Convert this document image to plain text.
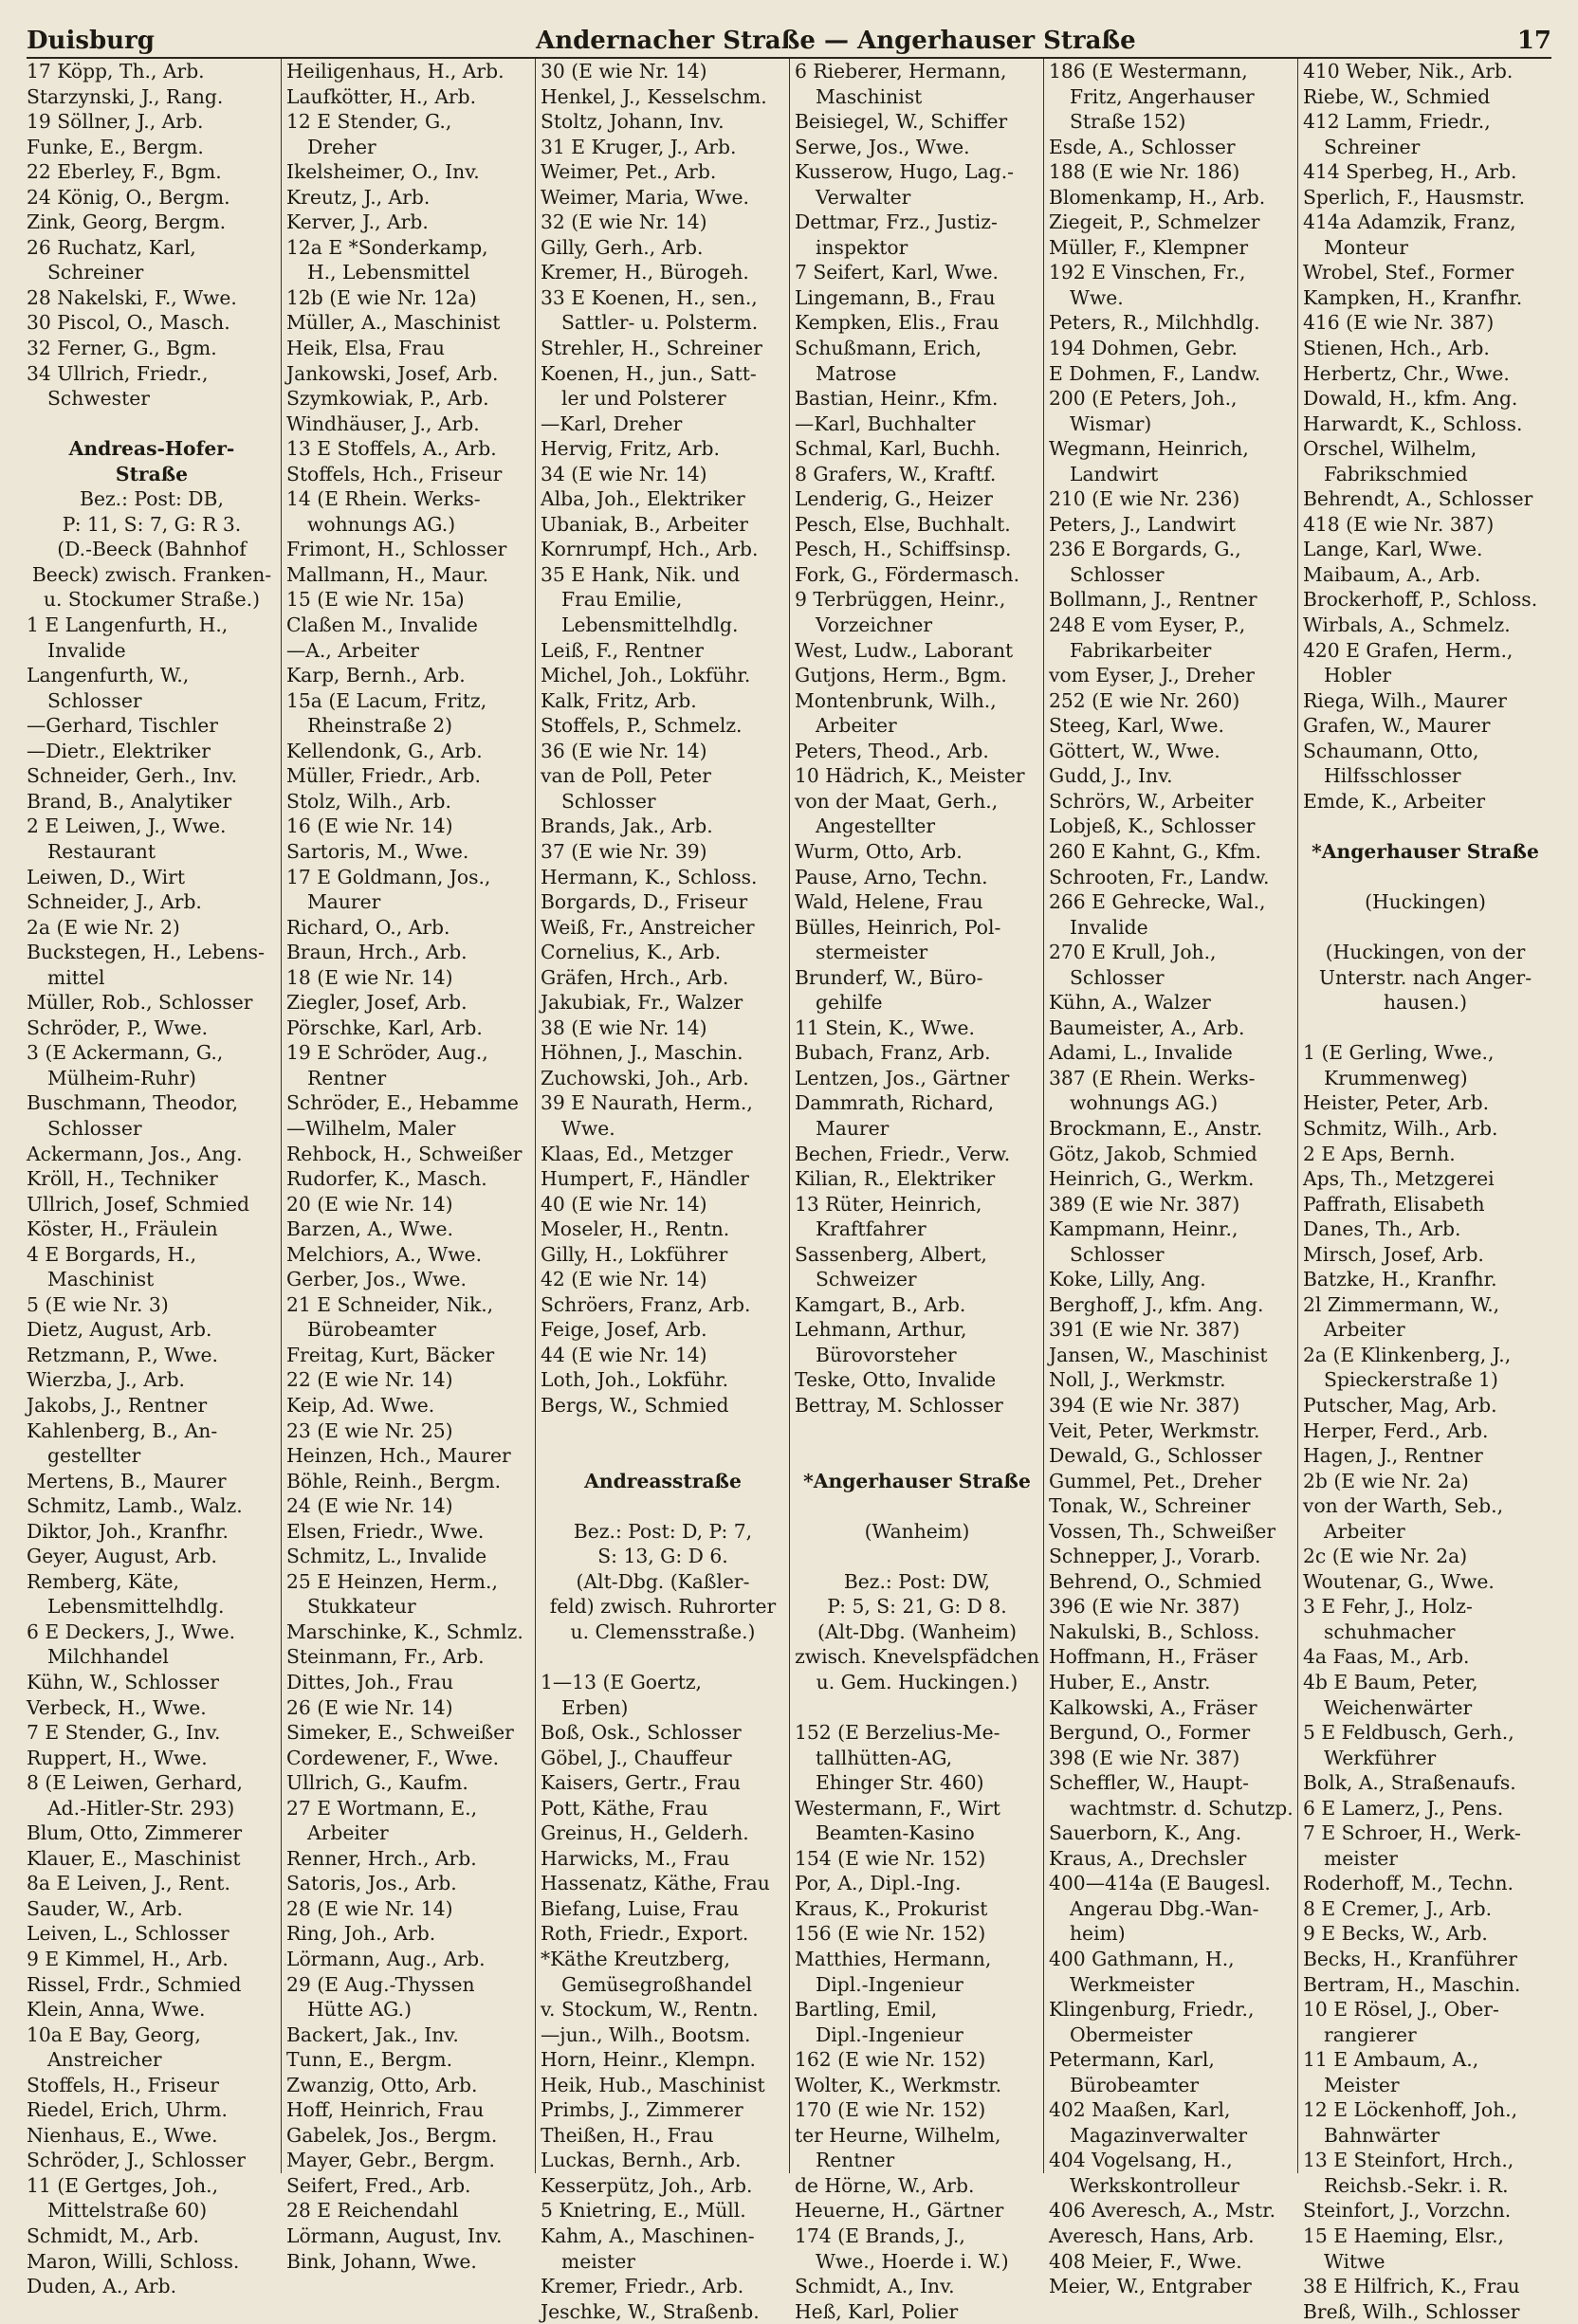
Duisburg	Andernacher Straße — Angerhauser Straße	17
17 Köpp, Th., Arb.
Starzynski, J., Rang.
19 Söllner, J., Arb.
Funke, E., Bergm.
22 Eberley, F., Bgm.
24 König, O., Bergm.
Zink, Georg, Bergm.
26 Ruchatz, Karl,
Schreiner
28 Nakelski, F., Wwe.
30 Piscol, O., Masch.
32 Ferner, G., Bgm.
34 Ullrich, Friedr.,
Schwester
Andreas-Hofer-
Straße
Bez.: Post: DB,
P: 11, S: 7, G: R 3.
(D.-Beeck (Bahnhof
Beeck) zwisch. Franken-
u. Stockumer Straße.)
1 E Langenfurth, H.,
Invalide
Langenfurth, W.,
Schlosser
—Gerhard, Tischler
—Dietr., Elektriker
Schneider, Gerh., Inv.
Brand, B., Analytiker
2 E Leiwen, J., Wwe.
Restaurant
Leiwen, D., Wirt
Schneider, J., Arb.
2a (E wie Nr. 2)
Buckstegen, H., Lebens-
mittel
Müller, Rob., Schlosser
Schröder, P., Wwe.
3 (E Ackermann, G.,
Mülheim-Ruhr)
Buschmann, Theodor,
Schlosser
Ackermann, Jos., Ang.
Kröll, H., Techniker
Ullrich, Josef, Schmied
Köster, H., Fräulein
4 E Borgards, H.,
Maschinist
5 (E wie Nr. 3)
Dietz, August, Arb.
Retzmann, P., Wwe.
Wierzba, J., Arb.
Jakobs, J., Rentner
Kahlenberg, B., An-
gestellter
Mertens, B., Maurer
Schmitz, Lamb., Walz.
Diktor, Joh., Kranfhr.
Geyer, August, Arb.
Remberg, Käte,
Lebensmittelhdlg.
6 E Deckers, J., Wwe.
Milchhandel
Kühn, W., Schlosser
Verbeck, H., Wwe.
7 E Stender, G., Inv.
Ruppert, H., Wwe.
8 (E Leiwen, Gerhard,
Ad.-Hitler-Str. 293)
Blum, Otto, Zimmerer
Klauer, E., Maschinist
8a E Leiven, J., Rent.
Sauder, W., Arb.
Leiven, L., Schlosser
9 E Kimmel, H., Arb.
Rissel, Frdr., Schmied
Klein, Anna, Wwe.
10a E Bay, Georg,
Anstreicher
Stoffels, H., Friseur
Riedel, Erich, Uhrm.
Nienhaus, E., Wwe.
Schröder, J., Schlosser
11 (E Gertges, Joh.,
Mittelstraße 60)
Schmidt, M., Arb.
Maron, Willi, Schloss.
Duden, A., Arb.
Heiligenhaus, H., Arb.
Laufkötter, H., Arb.
12 E Stender, G.,
Dreher
Ikelsheimer, O., Inv.
Kreutz, J., Arb.
Kerver, J., Arb.
12a E *Sonderkamp,
H., Lebensmittel
12b (E wie Nr. 12a)
Müller, A., Maschinist
Heik, Elsa, Frau
Jankowski, Josef, Arb.
Szymkowiak, P., Arb.
Windhäuser, J., Arb.
13 E Stoffels, A., Arb.
Stoffels, Hch., Friseur
14 (E Rhein. Werks-
wohnungs AG.)
Frimont, H., Schlosser
Mallmann, H., Maur.
15 (E wie Nr. 15a)
Claßen M., Invalide
—A., Arbeiter
Karp, Bernh., Arb.
15a (E Lacum, Fritz,
Rheinstraße 2)
Kellendonk, G., Arb.
Müller, Friedr., Arb.
Stolz, Wilh., Arb.
16 (E wie Nr. 14)
Sartoris, M., Wwe.
17 E Goldmann, Jos.,
Maurer
Richard, O., Arb.
Braun, Hrch., Arb.
18 (E wie Nr. 14)
Ziegler, Josef, Arb.
Pörschke, Karl, Arb.
19 E Schröder, Aug.,
Rentner
Schröder, E., Hebamme
—Wilhelm, Maler
Rehbock, H., Schweißer
Rudorfer, K., Masch.
20 (E wie Nr. 14)
Barzen, A., Wwe.
Melchiors, A., Wwe.
Gerber, Jos., Wwe.
21 E Schneider, Nik.,
Bürobeamter
Freitag, Kurt, Bäcker
22 (E wie Nr. 14)
Keip, Ad. Wwe.
23 (E wie Nr. 25)
Heinzen, Hch., Maurer
Böhle, Reinh., Bergm.
24 (E wie Nr. 14)
Elsen, Friedr., Wwe.
Schmitz, L., Invalide
25 E Heinzen, Herm.,
Stukkateur
Marschinke, K., Schmlz.
Steinmann, Fr., Arb.
Dittes, Joh., Frau
26 (E wie Nr. 14)
Simeker, E., Schweißer
Cordewener, F., Wwe.
Ullrich, G., Kaufm.
27 E Wortmann, E.,
Arbeiter
Renner, Hrch., Arb.
Satoris, Jos., Arb.
28 (E wie Nr. 14)
Ring, Joh., Arb.
Lörmann, Aug., Arb.
29 (E Aug.-Thyssen
Hütte AG.)
Backert, Jak., Inv.
Tunn, E., Bergm.
Zwanzig, Otto, Arb.
Hoff, Heinrich, Frau
Gabelek, Jos., Bergm.
Mayer, Gebr., Bergm.
Seifert, Fred., Arb.
28 E Reichendahl
Lörmann, August, Inv.
Bink, Johann, Wwe.
30 (E wie Nr. 14)
Henkel, J., Kesselschm.
Stoltz, Johann, Inv.
31 E Kruger, J., Arb.
Weimer, Pet., Arb.
Weimer, Maria, Wwe.
32 (E wie Nr. 14)
Gilly, Gerh., Arb.
Kremer, H., Bürogeh.
33 E Koenen, H., sen.,
Sattler- u. Polsterm.
Strehler, H., Schreiner
Koenen, H., jun., Satt-
ler und Polsterer
—Karl, Dreher
Hervig, Fritz, Arb.
34 (E wie Nr. 14)
Alba, Joh., Elektriker
Ubaniak, B., Arbeiter
Kornrumpf, Hch., Arb.
35 E Hank, Nik. und
Frau Emilie,
Lebensmittelhdlg.
Leiß, F., Rentner
Michel, Joh., Lokführ.
Kalk, Fritz, Arb.
Stoffels, P., Schmelz.
36 (E wie Nr. 14)
van de Poll, Peter
Schlosser
Brands, Jak., Arb.
37 (E wie Nr. 39)
Hermann, K., Schloss.
Borgards, D., Friseur
Weiß, Fr., Anstreicher
Cornelius, K., Arb.
Gräfen, Hrch., Arb.
Jakubiak, Fr., Walzer
38 (E wie Nr. 14)
Höhnen, J., Maschin.
Zuchowski, Joh., Arb.
39 E Naurath, Herm.,
Wwe.
Klaas, Ed., Metzger
Humpert, F., Händler
40 (E wie Nr. 14)
Moseler, H., Rentn.
Gilly, H., Lokführer
42 (E wie Nr. 14)
Schröers, Franz, Arb.
Feige, Josef, Arb.
44 (E wie Nr. 14)
Loth, Joh., Lokführ.
Bergs, W., Schmied
Andreasstraße
Bez.: Post: D, P: 7,
S: 13, G: D 6.
(Alt-Dbg. (Kaßler-
feld) zwisch. Ruhrorter
u. Clemensstraße.)
1—13 (E Goertz,
Erben)
Boß, Osk., Schlosser
Göbel, J., Chauffeur
Kaisers, Gertr., Frau
Pott, Käthe, Frau
Greinus, H., Gelderh.
Harwicks, M., Frau
Hassenatz, Käthe, Frau
Biefang, Luise, Frau
Roth, Friedr., Export.
*Käthe Kreutzberg,
Gemüsegroßhandel
v. Stockum, W., Rentn.
—jun., Wilh., Bootsm.
Horn, Heinr., Klempn.
Heik, Hub., Maschinist
Primbs, J., Zimmerer
Theißen, H., Frau
Luckas, Bernh., Arb.
Kesserpütz, Joh., Arb.
5 Knietring, E., Müll.
Kahm, A., Maschinen-
meister
Kremer, Friedr., Arb.
Jeschke, W., Straßenb.
6 Rieberer, Hermann,
Maschinist
Beisiegel, W., Schiffer
Serwe, Jos., Wwe.
Kusserow, Hugo, Lag.-
Verwalter
Dettmar, Frz., Justiz-
inspektor
7 Seifert, Karl, Wwe.
Lingemann, B., Frau
Kempken, Elis., Frau
Schußmann, Erich,
Matrose
Bastian, Heinr., Kfm.
—Karl, Buchhalter
Schmal, Karl, Buchh.
8 Grafers, W., Kraftf.
Lenderig, G., Heizer
Pesch, Else, Buchhalt.
Pesch, H., Schiffsinsp.
Fork, G., Fördermasch.
9 Terbrüggen, Heinr.,
Vorzeichner
West, Ludw., Laborant
Gutjons, Herm., Bgm.
Montenbrunk, Wilh.,
Arbeiter
Peters, Theod., Arb.
10 Hädrich, K., Meister
von der Maat, Gerh.,
Angestellter
Wurm, Otto, Arb.
Pause, Arno, Techn.
Wald, Helene, Frau
Bülles, Heinrich, Pol-
stermeister
Brunderf, W., Büro-
gehilfe
11 Stein, K., Wwe.
Bubach, Franz, Arb.
Lentzen, Jos., Gärtner
Dammrath, Richard,
Maurer
Bechen, Friedr., Verw.
Kilian, R., Elektriker
13 Rüter, Heinrich,
Kraftfahrer
Sassenberg, Albert,
Schweizer
Kamgart, B., Arb.
Lehmann, Arthur,
Bürovorsteher
Teske, Otto, Invalide
Bettray, M. Schlosser
*Angerhauser Straße
(Wanheim)
Bez.: Post: DW,
P: 5, S: 21, G: D 8.
(Alt-Dbg. (Wanheim)
zwisch. Knevelspfädchen
u. Gem. Huckingen.)
152 (E Berzelius-Me-
tallhütten-AG,
Ehinger Str. 460)
Westermann, F., Wirt
Beamten-Kasino
154 (E wie Nr. 152)
Por, A., Dipl.-Ing.
Kraus, K., Prokurist
156 (E wie Nr. 152)
Matthies, Hermann,
Dipl.-Ingenieur
Bartling, Emil,
Dipl.-Ingenieur
162 (E wie Nr. 152)
Wolter, K., Werkmstr.
170 (E wie Nr. 152)
ter Heurne, Wilhelm,
Rentner
de Hörne, W., Arb.
Heuerne, H., Gärtner
174 (E Brands, J.,
Wwe., Hoerde i. W.)
Schmidt, A., Inv.
Heß, Karl, Polier
186 (E Westermann,
Fritz, Angerhauser
Straße 152)
Esde, A., Schlosser
188 (E wie Nr. 186)
Blomenkamp, H., Arb.
Ziegeit, P., Schmelzer
Müller, F., Klempner
192 E Vinschen, Fr.,
Wwe.
Peters, R., Milchhdlg.
194 Dohmen, Gebr.
E Dohmen, F., Landw.
200 (E Peters, Joh.,
Wismar)
Wegmann, Heinrich,
Landwirt
210 (E wie Nr. 236)
Peters, J., Landwirt
236 E Borgards, G.,
Schlosser
Bollmann, J., Rentner
248 E vom Eyser, P.,
Fabrikarbeiter
vom Eyser, J., Dreher
252 (E wie Nr. 260)
Steeg, Karl, Wwe.
Göttert, W., Wwe.
Gudd, J., Inv.
Schrörs, W., Arbeiter
Lobjeß, K., Schlosser
260 E Kahnt, G., Kfm.
Schrooten, Fr., Landw.
266 E Gehrecke, Wal.,
Invalide
270 E Krull, Joh.,
Schlosser
Kühn, A., Walzer
Baumeister, A., Arb.
Adami, L., Invalide
387 (E Rhein. Werks-
wohnungs AG.)
Brockmann, E., Anstr.
Götz, Jakob, Schmied
Heinrich, G., Werkm.
389 (E wie Nr. 387)
Kampmann, Heinr.,
Schlosser
Koke, Lilly, Ang.
Berghoff, J., kfm. Ang.
391 (E wie Nr. 387)
Jansen, W., Maschinist
Noll, J., Werkmstr.
394 (E wie Nr. 387)
Veit, Peter, Werkmstr.
Dewald, G., Schlosser
Gummel, Pet., Dreher
Tonak, W., Schreiner
Vossen, Th., Schweißer
Schnepper, J., Vorarb.
Behrend, O., Schmied
396 (E wie Nr. 387)
Nakulski, B., Schloss.
Hoffmann, H., Fräser
Huber, E., Anstr.
Kalkowski, A., Fräser
Bergund, O., Former
398 (E wie Nr. 387)
Scheffler, W., Haupt-
wachtmstr. d. Schutzp.
Sauerborn, K., Ang.
Kraus, A., Drechsler
400—414a (E Baugesl.
Angerau Dbg.-Wan-
heim)
400 Gathmann, H.,
Werkmeister
Klingenburg, Friedr.,
Obermeister
Petermann, Karl,
Bürobeamter
402 Maaßen, Karl,
Magazinverwalter
404 Vogelsang, H.,
Werkskontrolleur
406 Averesch, A., Mstr.
Averesch, Hans, Arb.
408 Meier, F., Wwe.
Meier, W., Entgraber
410 Weber, Nik., Arb.
Riebe, W., Schmied
412 Lamm, Friedr.,
Schreiner
414 Sperbeg, H., Arb.
Sperlich, F., Hausmstr.
414a Adamzik, Franz,
Monteur
Wrobel, Stef., Former
Kampken, H., Kranfhr.
416 (E wie Nr. 387)
Stienen, Hch., Arb.
Herbertz, Chr., Wwe.
Dowald, H., kfm. Ang.
Harwardt, K., Schloss.
Orschel, Wilhelm,
Fabrikschmied
Behrendt, A., Schlosser
418 (E wie Nr. 387)
Lange, Karl, Wwe.
Maibaum, A., Arb.
Brockerhoff, P., Schloss.
Wirbals, A., Schmelz.
420 E Grafen, Herm.,
Hobler
Riega, Wilh., Maurer
Grafen, W., Maurer
Schaumann, Otto,
Hilfsschlosser
Emde, K., Arbeiter
*Angerhauser Straße
(Huckingen)
(Huckingen, von der
Unterstr. nach Anger-
hausen.)
1 (E Gerling, Wwe.,
Krummenweg)
Heister, Peter, Arb.
Schmitz, Wilh., Arb.
2 E Aps, Bernh.
Aps, Th., Metzgerei
Paffrath, Elisabeth
Danes, Th., Arb.
Mirsch, Josef, Arb.
Batzke, H., Kranfhr.
2l Zimmermann, W.,
Arbeiter
2a (E Klinkenberg, J.,
Spieckerstraße 1)
Putscher, Mag, Arb.
Herper, Ferd., Arb.
Hagen, J., Rentner
2b (E wie Nr. 2a)
von der Warth, Seb.,
Arbeiter
2c (E wie Nr. 2a)
Woutenar, G., Wwe.
3 E Fehr, J., Holz-
schuhmacher
4a Faas, M., Arb.
4b E Baum, Peter,
Weichenwärter
5 E Feldbusch, Gerh.,
Werkführer
Bolk, A., Straßenaufs.
6 E Lamerz, J., Pens.
7 E Schroer, H., Werk-
meister
Roderhoff, M., Techn.
8 E Cremer, J., Arb.
9 E Becks, W., Arb.
Becks, H., Kranführer
Bertram, H., Maschin.
10 E Rösel, J., Ober-
rangierer
11 E Ambaum, A.,
Meister
12 E Löckenhoff, Joh.,
Bahnwärter
13 E Steinfort, Hrch.,
Reichsb.-Sekr. i. R.
Steinfort, J., Vorzchn.
15 E Haeming, Elsr.,
Witwe
38 E Hilfrich, K., Frau
Breß, Wilh., Schlosser
